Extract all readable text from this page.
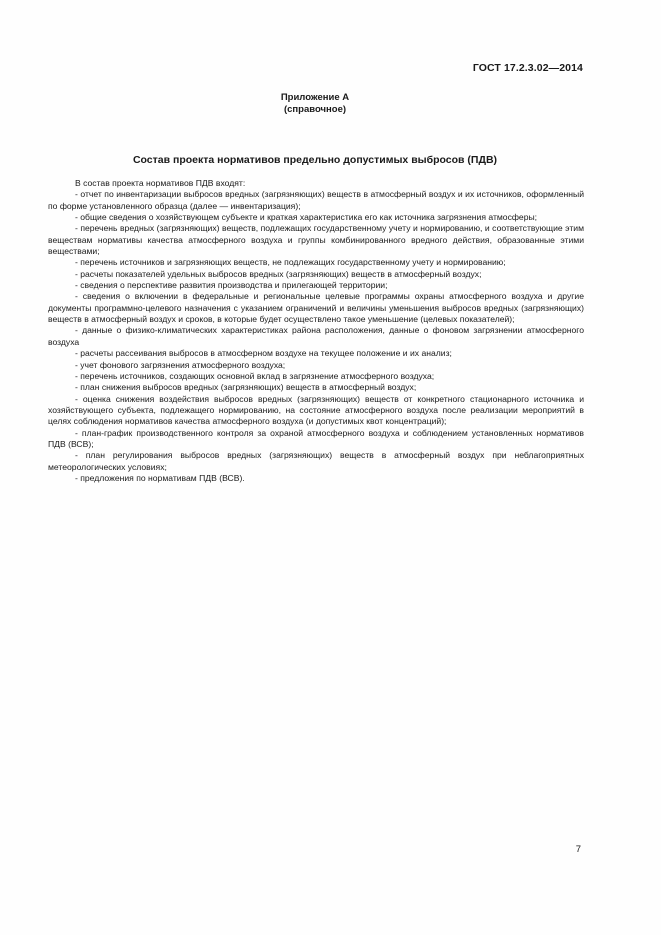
ГОСТ 17.2.3.02—2014
Приложение А
(справочное)
Состав проекта нормативов предельно допустимых выбросов (ПДВ)

В состав проекта нормативов ПДВ входят:

- отчет по инвентаризации выбросов вредных (загрязняющих) веществ в атмосферный воздух и их источников, оформленный по форме установленного образца (далее — инвентаризация);

- общие сведения о хозяйствующем субъекте и краткая характеристика его как источника загрязнения атмосферы;

- перечень вредных (загрязняющих) веществ, подлежащих государственному учету и нормированию, и соответствующие этим веществам нормативы качества атмосферного воздуха и группы комбинированного вредного действия, образованные этими веществами;

- перечень источников и загрязняющих веществ, не подлежащих государственному учету и нормированию;

- расчеты показателей удельных выбросов вредных (загрязняющих) веществ в атмосферный воздух;

- сведения о перспективе развития производства и прилегающей территории;

- сведения о включении в федеральные и региональные целевые программы охраны атмосферного воздуха и другие документы программно-целевого назначения с указанием ограничений и величины уменьшения выбросов вредных (загрязняющих) веществ в атмосферный воздух и сроков, в которые будет осуществлено такое уменьшение (целевых показателей);

- данные о физико-климатических характеристиках района расположения, данные о фоновом загрязнении атмосферного воздуха

- расчеты рассеивания выбросов в атмосферном воздухе на текущее положение и их анализ;

- учет фонового загрязнения атмосферного воздуха;

- перечень источников, создающих основной вклад в загрязнение атмосферного воздуха;

- план снижения выбросов вредных (загрязняющих) веществ в атмосферный воздух;

- оценка снижения воздействия выбросов вредных (загрязняющих) веществ от конкретного стационарного источника и хозяйствующего субъекта, подлежащего нормированию, на состояние атмосферного воздуха после реализации мероприятий в целях соблюдения нормативов качества атмосферного воздуха (и допустимых квот концентраций);

- план-график производственного контроля за охраной атмосферного воздуха и соблюдением установленных нормативов ПДВ (ВСВ);

- план регулирования выбросов вредных (загрязняющих) веществ в атмосферный воздух при неблагоприятных метеорологических условиях;

- предложения по нормативам ПДВ (ВСВ).

7
